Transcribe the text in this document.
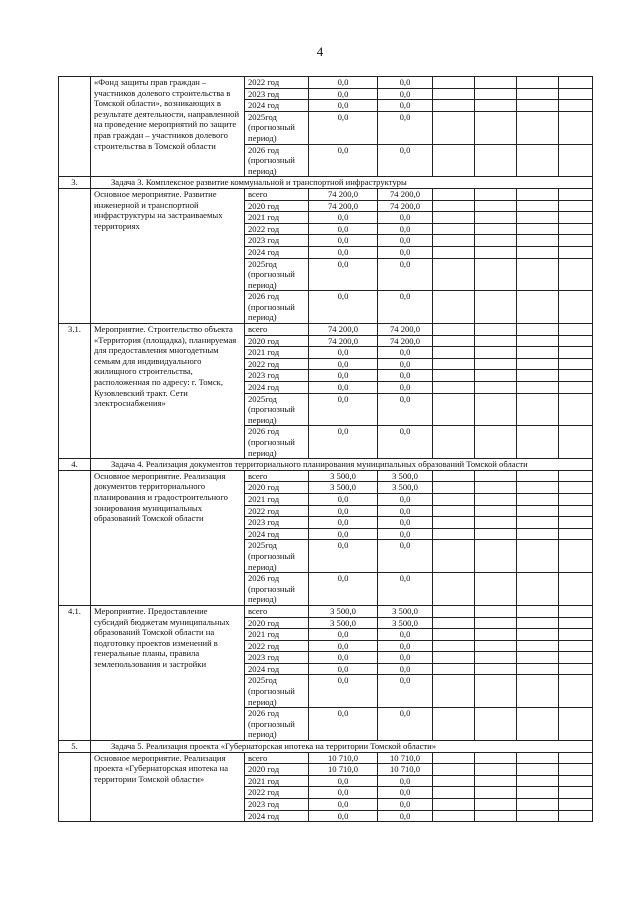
4
	«Фонд защиты прав граждан – участников долевого строительства в Томской области», возникающих в результате деятельности, направленной на проведение мероприятий по защите прав граждан – участников долевого строительства в Томской области	2022 год	0,0	0,0				
		2023 год	0,0	0,0				
		2024 год	0,0	0,0				
		2025год (прогнозный период)	0,0	0,0				
		2026 год (прогнозный период)	0,0	0,0				
3.	Задача 3. Комплексное развитие коммунальной и транспортной инфраструктуры							
	Основное мероприятие. Развитие инженерной и транспортной инфраструктуры на застраиваемых территориях	всего	74 200,0	74 200,0				
		2020 год	74 200,0	74 200,0				
		2021 год	0,0	0,0				
		2022 год	0,0	0,0				
		2023 год	0,0	0,0				
		2024 год	0,0	0,0				
		2025год (прогнозный период)	0,0	0,0				
		2026 год (прогнозный период)	0,0	0,0				
3.1.	Мероприятие. Строительство объекта «Территория (площадка), планируемая для предоставления многодетным семьям для индивидуального жилищного строительства, расположенная по адресу: г. Томск, Кузовлевский тракт. Сети электроснабжения»	всего	74 200,0	74 200,0				
		2020 год	74 200,0	74 200,0				
		2021 год	0,0	0,0				
		2022 год	0,0	0,0				
		2023 год	0,0	0,0				
		2024 год	0,0	0,0				
		2025год (прогнозный период)	0,0	0,0				
		2026 год (прогнозный период)	0,0	0,0				
4.	Задача 4. Реализация документов территориального планирования муниципальных образований Томской области							
	Основное мероприятие. Реализация документов территориального планирования и градостроительного зонирования муниципальных образований Томской области	всего	3 500,0	3 500,0				
		2020 год	3 500,0	3 500,0				
		2021 год	0,0	0,0				
		2022 год	0,0	0,0				
		2023 год	0,0	0,0				
		2024 год	0,0	0,0				
		2025год (прогнозный период)	0,0	0,0				
		2026 год (прогнозный период)	0,0	0,0				
4.1.	Мероприятие. Предоставление субсидий бюджетам муниципальных образований Томской области на подготовку проектов изменений в генеральные планы, правила землепользования и застройки	всего	3 500,0	3 500,0				
		2020 год	3 500,0	3 500,0				
		2021 год	0,0	0,0				
		2022 год	0,0	0,0				
		2023 год	0,0	0,0				
		2024 год	0,0	0,0				
		2025год (прогнозный период)	0,0	0,0				
		2026 год (прогнозный период)	0,0	0,0				
5.	Задача 5. Реализация проекта «Губернаторская ипотека на территории Томской области»							
	Основное мероприятие. Реализация проекта «Губернаторская ипотека на территории Томской области»	всего	10 710,0	10 710,0				
		2020 год	10 710,0	10 710,0				
		2021 год	0,0	0,0				
		2022 год	0,0	0,0				
		2023 год	0,0	0,0				
		2024 год	0,0	0,0				
